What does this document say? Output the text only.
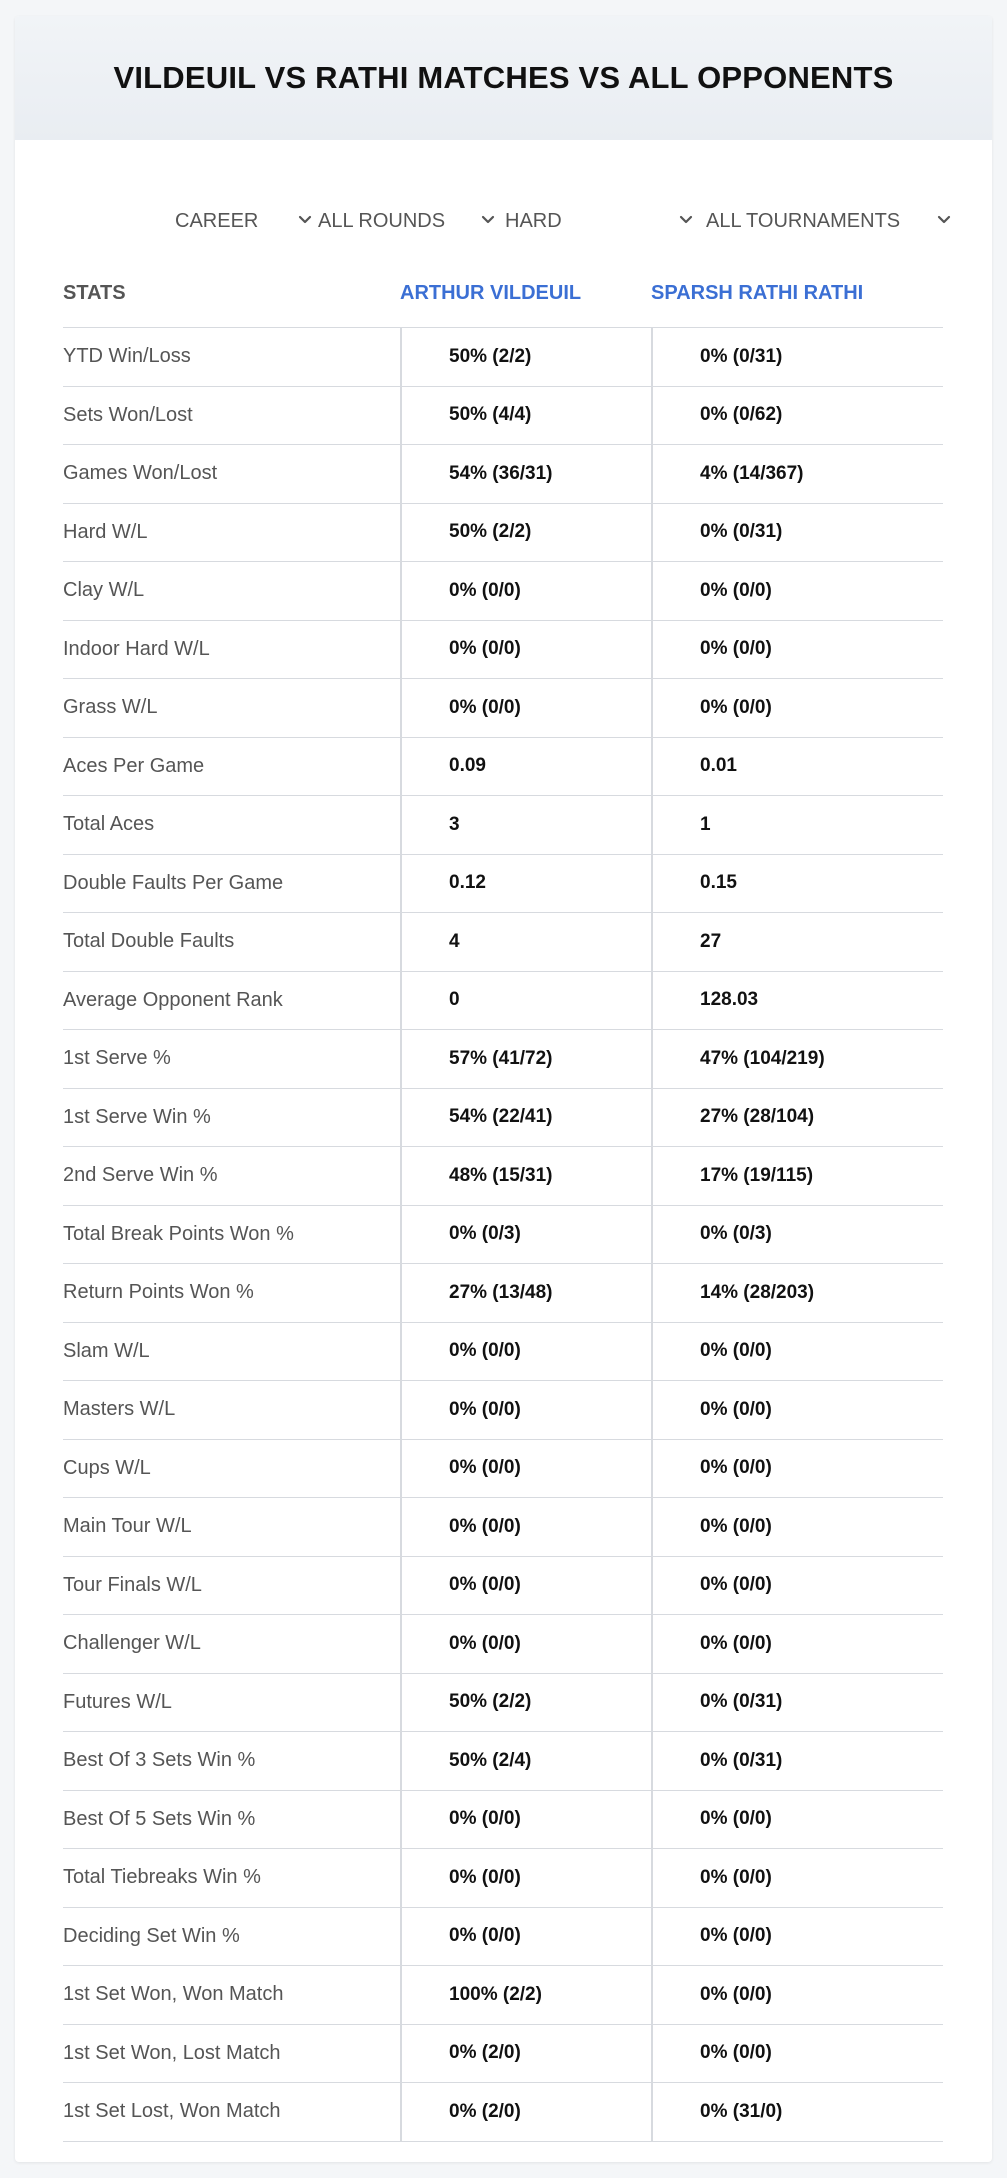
VILDEUIL VS RATHI MATCHES VS ALL OPPONENTS
CAREER	ALL ROUNDS	HARD	ALL TOURNAMENTS
STATS	ARTHUR VILDEUIL	SPARSH RATHI RATHI
YTD Win/Loss	50% (2/2)	0% (0/31)
Sets Won/Lost	50% (4/4)	0% (0/62)
Games Won/Lost	54% (36/31)	4% (14/367)
Hard W/L	50% (2/2)	0% (0/31)
Clay W/L	0% (0/0)	0% (0/0)
Indoor Hard W/L	0% (0/0)	0% (0/0)
Grass W/L	0% (0/0)	0% (0/0)
Aces Per Game	0.09	0.01
Total Aces	3	1
Double Faults Per Game	0.12	0.15
Total Double Faults	4	27
Average Opponent Rank	0	128.03
1st Serve %	57% (41/72)	47% (104/219)
1st Serve Win %	54% (22/41)	27% (28/104)
2nd Serve Win %	48% (15/31)	17% (19/115)
Total Break Points Won %	0% (0/3)	0% (0/3)
Return Points Won %	27% (13/48)	14% (28/203)
Slam W/L	0% (0/0)	0% (0/0)
Masters W/L	0% (0/0)	0% (0/0)
Cups W/L	0% (0/0)	0% (0/0)
Main Tour W/L	0% (0/0)	0% (0/0)
Tour Finals W/L	0% (0/0)	0% (0/0)
Challenger W/L	0% (0/0)	0% (0/0)
Futures W/L	50% (2/2)	0% (0/31)
Best Of 3 Sets Win %	50% (2/4)	0% (0/31)
Best Of 5 Sets Win %	0% (0/0)	0% (0/0)
Total Tiebreaks Win %	0% (0/0)	0% (0/0)
Deciding Set Win %	0% (0/0)	0% (0/0)
1st Set Won, Won Match	100% (2/2)	0% (0/0)
1st Set Won, Lost Match	0% (2/0)	0% (0/0)
1st Set Lost, Won Match	0% (2/0)	0% (31/0)
